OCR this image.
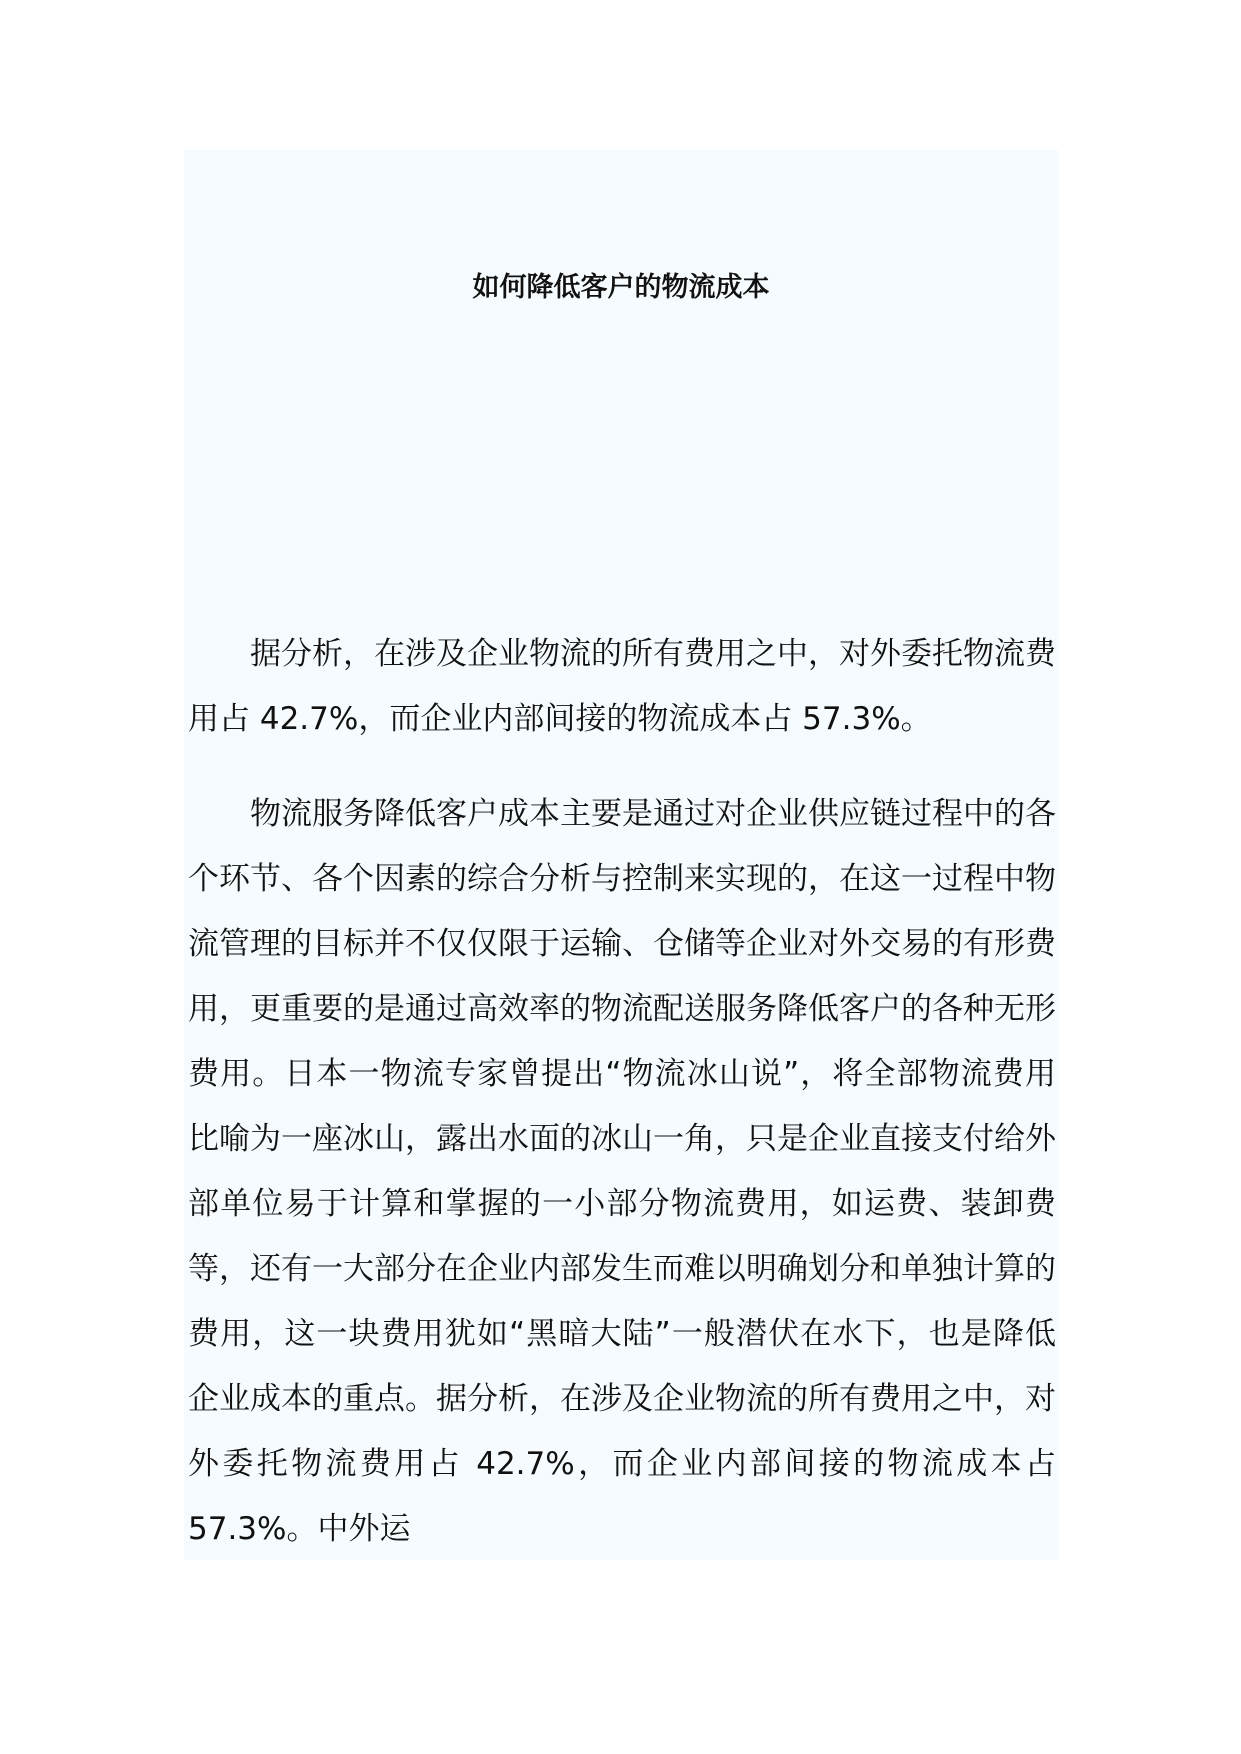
如何降低客户的物流成本

据分析，在涉及企业物流的所有费用之中，对外委托物流费用占 42.7%，而企业内部间接的物流成本占 57.3%。

物流服务降低客户成本主要是通过对企业供应链过程中的各个环节、各个因素的综合分析与控制来实现的，在这一过程中物流管理的目标并不仅仅限于运输、仓储等企业对外交易的有形费用，更重要的是通过高效率的物流配送服务降低客户的各种无形费用。日本一物流专家曾提出“物流冰山说”，将全部物流费用比喻为一座冰山，露出水面的冰山一角，只是企业直接支付给外部单位易于计算和掌握的一小部分物流费用，如运费、装卸费等，还有一大部分在企业内部发生而难以明确划分和单独计算的费用，这一块费用犹如“黑暗大陆”一般潜伏在水下，也是降低企业成本的重点。据分析，在涉及企业物流的所有费用之中，对外委托物流费用占 42.7%，而企业内部间接的物流成本占 57.3%。中外运
